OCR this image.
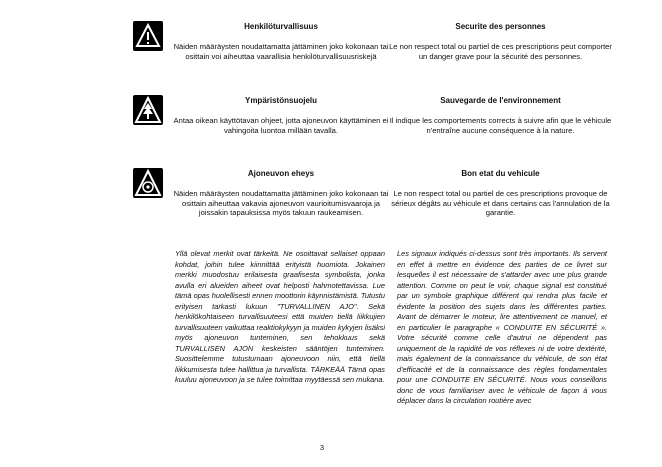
Henkilöturvallisuus
Näiden määräysten noudattamatta jättäminen joko kokonaan tai osittain voi aiheuttaa vaarallisia henkilöturvallisuusriskejä
Securite des personnes
Le non respect total ou partiel de ces prescriptions peut comporter un danger grave pour la sécurité des personnes.
Ympäristönsuojelu
Antaa oikean käyttötavan ohjeet, jotta ajoneuvon käyttäminen ei vahingoita luontoa millään tavalla.
Sauvegarde de l'environnement
Il indique les comportements corrects à suivre afin que le véhicule n'entraîne aucune conséquence à la nature.
Ajoneuvon eheys
Näiden määräysten noudattamatta jättäminen joko kokonaan tai osittain aiheuttaa vakavia ajoneuvon vaurioitumisvaaroja ja joissakin tapauksissa myös takuun raukeamisen.
Bon etat du vehicule
Le non respect total ou partiel de ces prescriptions provoque de sérieux dégâts au véhicule et dans certains cas l'annulation de la garantie.
Yllä olevat merkit ovat tärkeitä. Ne osoittavat sellaiset oppaan kohdat, joihin tulee kiinnittää erityistä huomiota. Jokainen merkki muodostuu erilaisesta graafisesta symbolista, jonka avulla eri alueiden aiheet ovat helposti hahmotettavissa. Lue tämä opas huolellisesti ennen moottorin käynnistämistä. Tutustu erityisen tarkasti lukuun "TURVALLINEN AJO". Sekä henkilökohtaiseen turvallisuuteesi että muiden tiellä liikkujien turvallisuuteen vaikuttaa reaktiokykyyn ja muiden kykyjen lisäksi myös ajoneuvon tunteminen, sen tehokkuus sekä TURVALLISEN AJON keskeisten sääntöjen tunteminen. Suosittelemme tutustumaan ajoneuvoon niin, että tiellä liikkumisesta tulee hallittua ja turvallista. TÄRKEÄÄ Tämä opas kuuluu ajoneuvoon ja se tulee toimittaa myytäessä sen mukana.
Les signaux indiqués ci-dessus sont très importants. Ils servent en effet à mettre en évidence des parties de ce livret sur lesquelles il est nécessaire de s'attarder avec une plus grande attention. Comme on peut le voir, chaque signal est constitué par un symbole graphique différent qui rendra plus facile et évidente la position des sujets dans les différentes parties. Avant de démarrer le moteur, lire attentivement ce manuel, et en particulier le paragraphe « CONDUITE EN SÉCURITÉ ». Votre sécurité comme celle d'autrui ne dépendent pas uniquement de la rapidité de vos réflexes ni de votre dextérité, mais également de la connaissance du véhicule, de son état d'efficacité et de la connaissance des règles fondamentales pour une CONDUITE EN SÉCURITÉ. Nous vous conseillons donc de vous familiariser avec le véhicule de façon à vous déplacer dans la circulation routière avec
3
